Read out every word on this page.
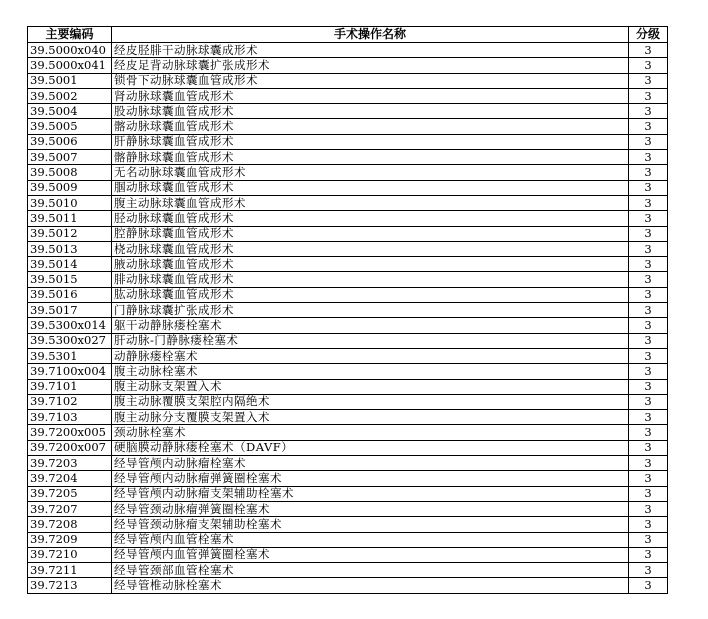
主要编码	手术操作名称	分级
39.5000x040	经皮胫腓干动脉球囊成形术	3
39.5000x041	经皮足背动脉球囊扩张成形术	3
39.5001	锁骨下动脉球囊血管成形术	3
39.5002	肾动脉球囊血管成形术	3
39.5004	股动脉球囊血管成形术	3
39.5005	髂动脉球囊血管成形术	3
39.5006	肝静脉球囊血管成形术	3
39.5007	髂静脉球囊血管成形术	3
39.5008	无名动脉球囊血管成形术	3
39.5009	腘动脉球囊血管成形术	3
39.5010	腹主动脉球囊血管成形术	3
39.5011	胫动脉球囊血管成形术	3
39.5012	腔静脉球囊血管成形术	3
39.5013	桡动脉球囊血管成形术	3
39.5014	腋动脉球囊血管成形术	3
39.5015	腓动脉球囊血管成形术	3
39.5016	肱动脉球囊血管成形术	3
39.5017	门静脉球囊扩张成形术	3
39.5300x014	躯干动静脉瘘栓塞术	3
39.5300x027	肝动脉-门静脉瘘栓塞术	3
39.5301	动静脉瘘栓塞术	3
39.7100x004	腹主动脉栓塞术	3
39.7101	腹主动脉支架置入术	3
39.7102	腹主动脉覆膜支架腔内隔绝术	3
39.7103	腹主动脉分支覆膜支架置入术	3
39.7200x005	颈动脉栓塞术	3
39.7200x007	硬脑膜动静脉瘘栓塞术（DAVF）	3
39.7203	经导管颅内动脉瘤栓塞术	3
39.7204	经导管颅内动脉瘤弹簧圈栓塞术	3
39.7205	经导管颅内动脉瘤支架辅助栓塞术	3
39.7207	经导管颈动脉瘤弹簧圈栓塞术	3
39.7208	经导管颈动脉瘤支架辅助栓塞术	3
39.7209	经导管颅内血管栓塞术	3
39.7210	经导管颅内血管弹簧圈栓塞术	3
39.7211	经导管颈部血管栓塞术	3
39.7213	经导管椎动脉栓塞术	3
